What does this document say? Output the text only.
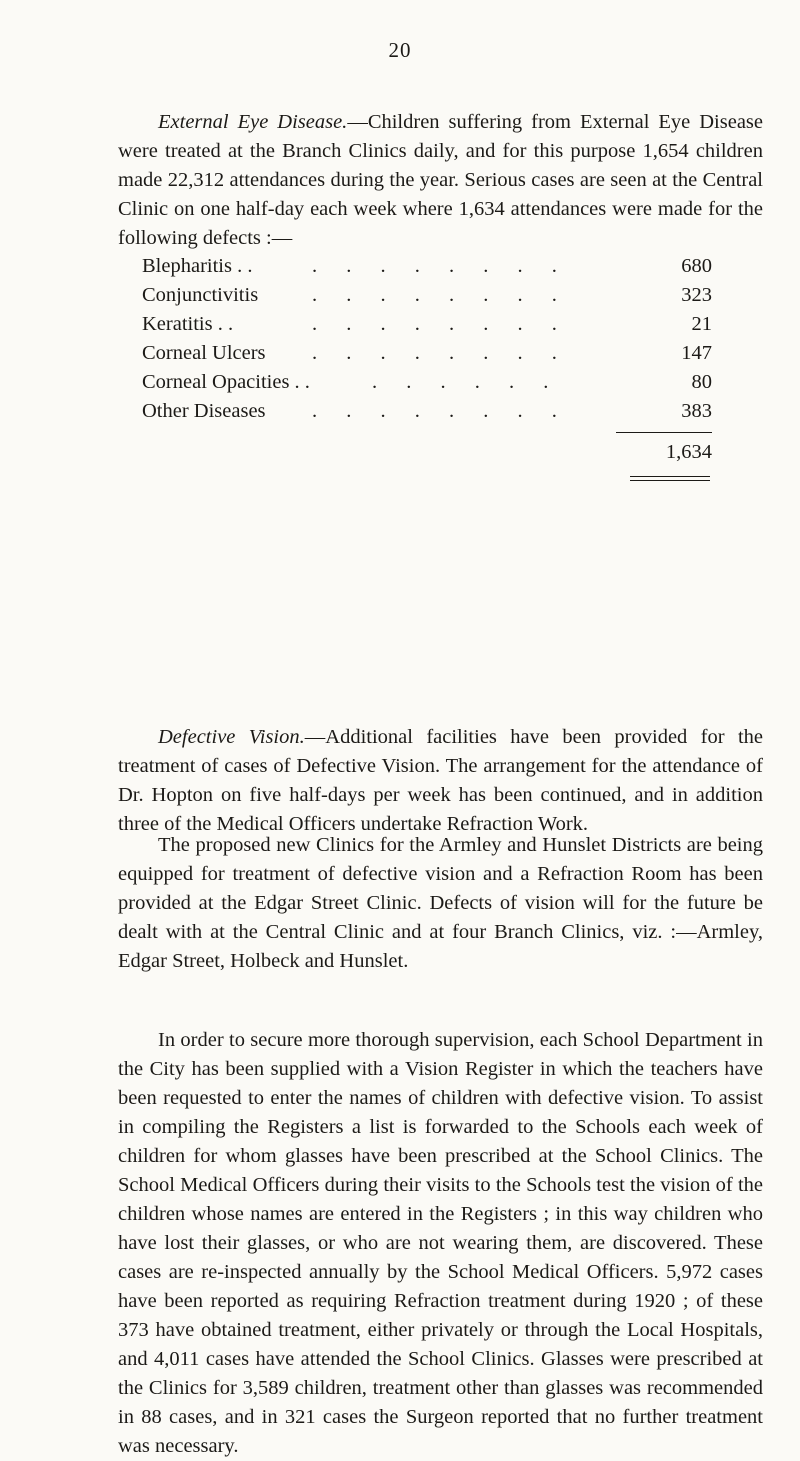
20

External Eye Disease.—Children suffering from External Eye Disease were treated at the Branch Clinics daily, and for this purpose 1,654 children made 22,312 attendances during the year. Serious cases are seen at the Central Clinic on one half-day each week where 1,634 attendances were made for the following defects :—

Blepharitis . .	. . . . . . . .	680
Conjunctivitis	. . . . . . . .	323
Keratitis . .	. . . . . . . .	21
Corneal Ulcers . . . . . . . .	147
Corneal Opacities . .	. . . . . .	80
Other Diseases . . . . . . . .	383
1,634

Defective Vision.—Additional facilities have been provided for the treatment of cases of Defective Vision. The arrangement for the attendance of Dr. Hopton on five half-days per week has been continued, and in addition three of the Medical Officers undertake Refraction Work.

The proposed new Clinics for the Armley and Hunslet Districts are being equipped for treatment of defective vision and a Refraction Room has been provided at the Edgar Street Clinic. Defects of vision will for the future be dealt with at the Central Clinic and at four Branch Clinics, viz. :—Armley, Edgar Street, Holbeck and Hunslet.

In order to secure more thorough supervision, each School Department in the City has been supplied with a Vision Register in which the teachers have been requested to enter the names of children with defective vision. To assist in compiling the Registers a list is forwarded to the Schools each week of children for whom glasses have been prescribed at the School Clinics. The School Medical Officers during their visits to the Schools test the vision of the children whose names are entered in the Registers ; in this way children who have lost their glasses, or who are not wearing them, are discovered. These cases are re-inspected annually by the School Medical Officers. 5,972 cases have been reported as requiring Refraction treatment during 1920 ; of these 373 have obtained treatment, either privately or through the Local Hospitals, and 4,011 cases have attended the School Clinics. Glasses were prescribed at the Clinics for 3,589 children, treatment other than glasses was recommended in 88 cases, and in 321 cases the Surgeon reported that no further treatment was necessary.
